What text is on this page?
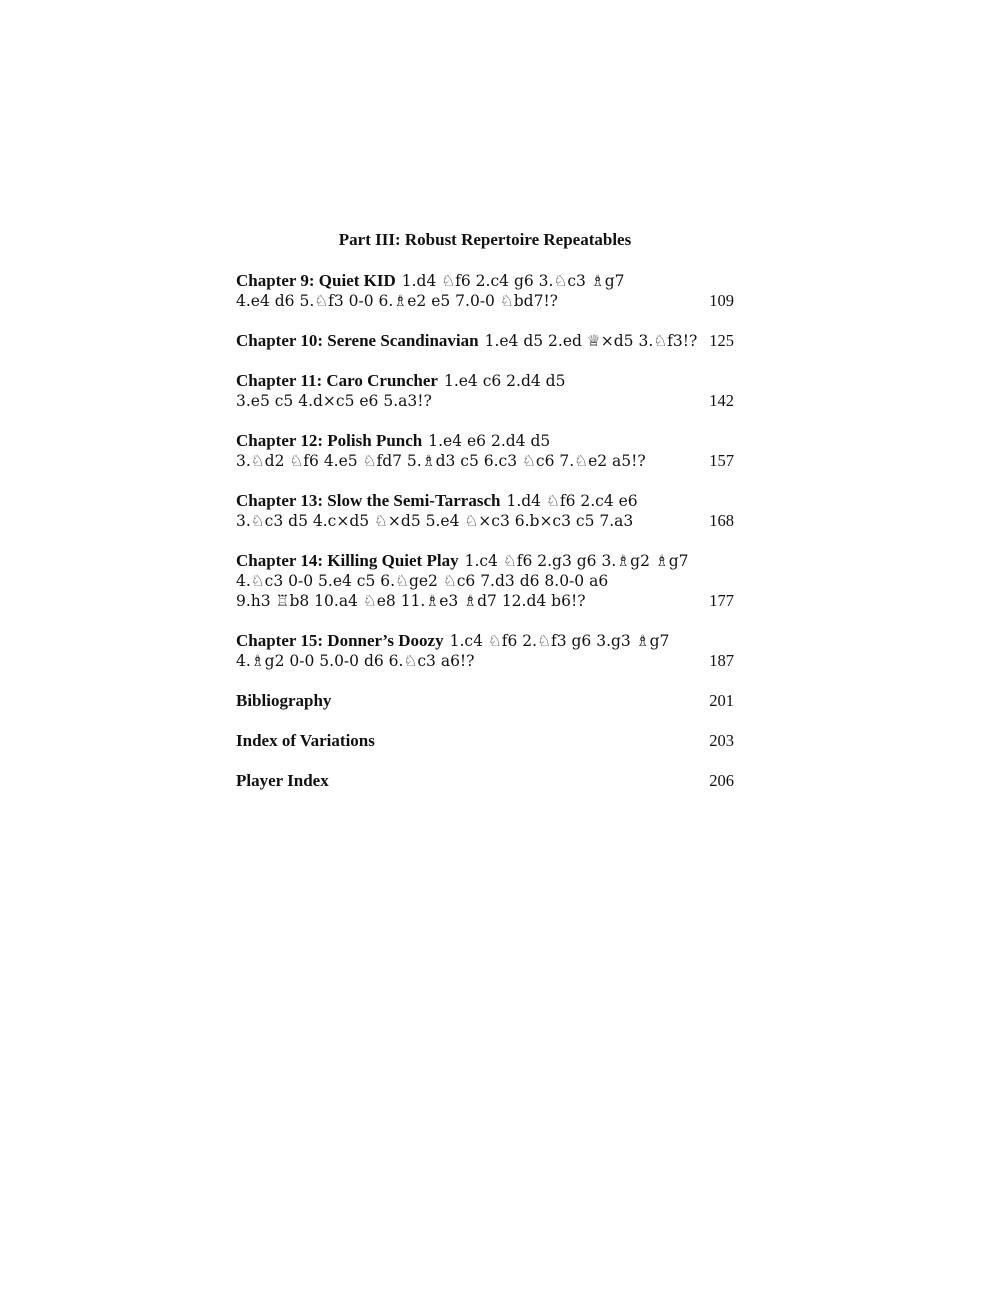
Part III: Robust Repertoire Repeatables
Chapter 9: Quiet KID 1.d4 ♘f6 2.c4 g6 3.♘c3 ♗g7
4.e4 d6 5.♘f3 0-0 6.♗e2 e5 7.0-0 ♘bd7!?	109
Chapter 10: Serene Scandinavian 1.e4 d5 2.ed ♕×d5 3.♘f3!? 125
Chapter 11: Caro Cruncher 1.e4 c6 2.d4 d5
3.e5 c5 4.d×c5 e6 5.a3!?	142
Chapter 12: Polish Punch 1.e4 e6 2.d4 d5
3.♘d2 ♘f6 4.e5 ♘fd7 5.♗d3 c5 6.c3 ♘c6 7.♘e2 a5!?	157
Chapter 13: Slow the Semi-Tarrasch 1.d4 ♘f6 2.c4 e6
3.♘c3 d5 4.c×d5 ♘×d5 5.e4 ♘×c3 6.b×c3 c5 7.a3	168
Chapter 14: Killing Quiet Play 1.c4 ♘f6 2.g3 g6 3.♗g2 ♗g7
4.♘c3 0-0 5.e4 c5 6.♘ge2 ♘c6 7.d3 d6 8.0-0 a6
9.h3 ♖b8 10.a4 ♘e8 11.♗e3 ♗d7 12.d4 b6!?	177
Chapter 15: Donner’s Doozy 1.c4 ♘f6 2.♘f3 g6 3.g3 ♗g7
4.♗g2 0-0 5.0-0 d6 6.♘c3 a6!?	187
Bibliography	201
Index of Variations	203
Player Index	206
